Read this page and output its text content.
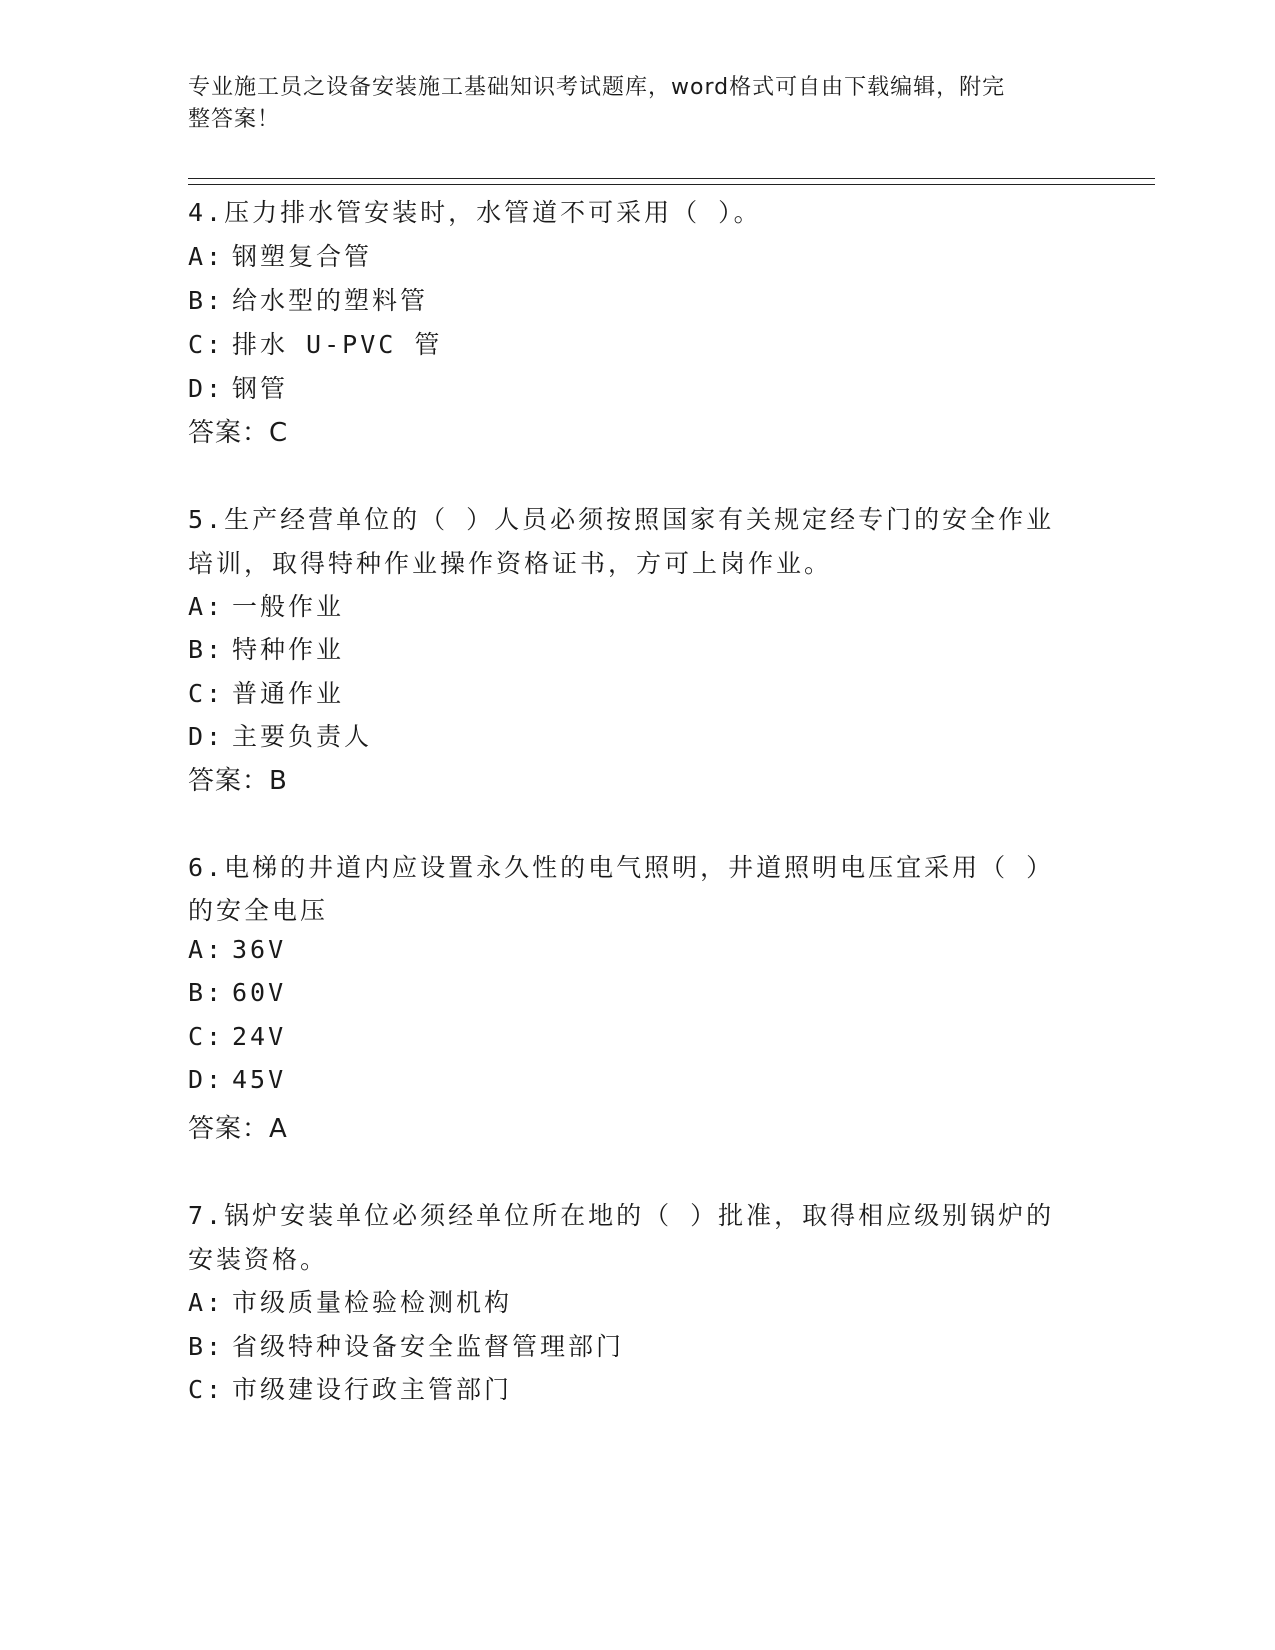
专业施工员之设备安装施工基础知识考试题库，word格式可自由下载编辑，附完
整答案！
4.压力排水管安装时，水管道不可采用（ ）。
A: 钢塑复合管
B: 给水型的塑料管
C: 排水 U-PVC 管
D: 钢管
答案：C
5.生产经营单位的（ ）人员必须按照国家有关规定经专门的安全作业
培训，取得特种作业操作资格证书，方可上岗作业。
A: 一般作业
B: 特种作业
C: 普通作业
D: 主要负责人
答案：B
6.电梯的井道内应设置永久性的电气照明，井道照明电压宜采用（ ）
的安全电压
A: 36V
B: 60V
C: 24V
D: 45V
答案：A
7.锅炉安装单位必须经单位所在地的（ ）批准，取得相应级别锅炉的
安装资格。
A: 市级质量检验检测机构
B: 省级特种设备安全监督管理部门
C: 市级建设行政主管部门
